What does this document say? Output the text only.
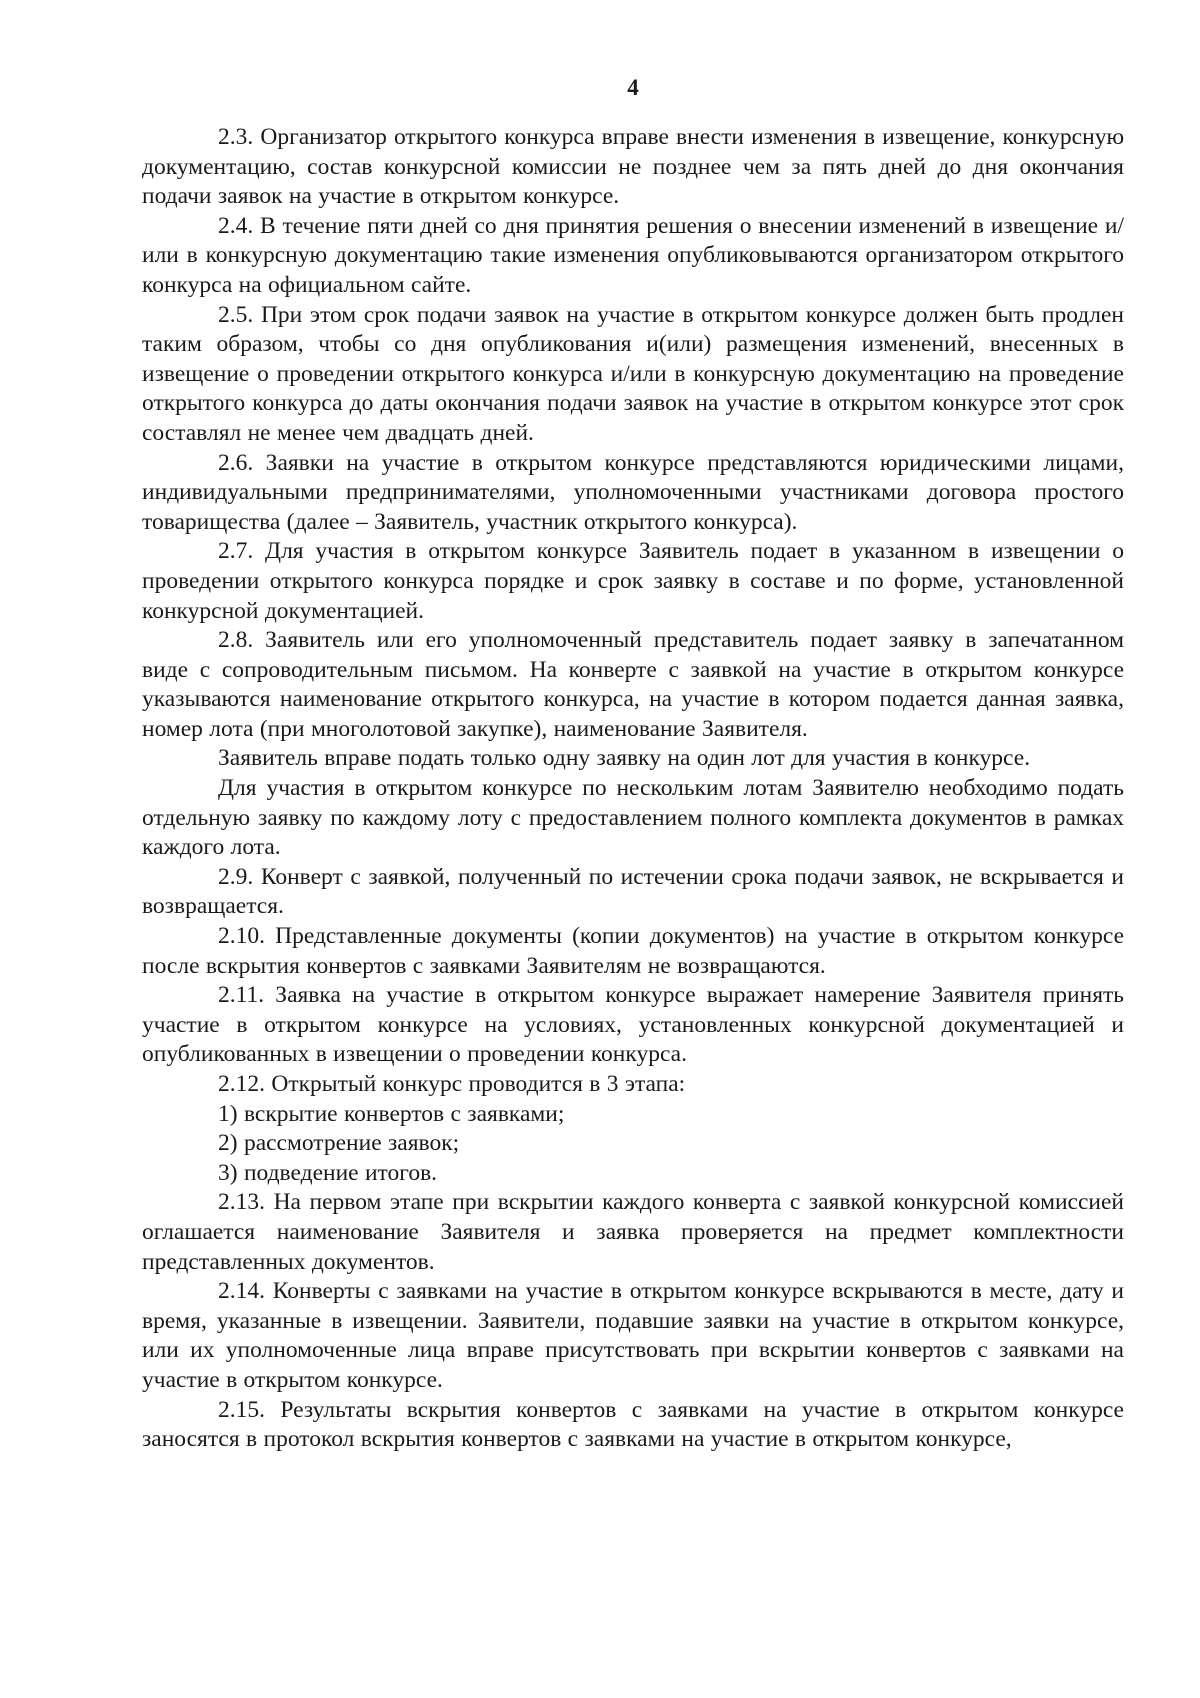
4

2.3. Организатор открытого конкурса вправе внести изменения в извещение, конкурсную документацию, состав конкурсной комиссии не позднее чем за пять дней до дня окончания подачи заявок на участие в открытом конкурсе.

2.4. В течение пяти дней со дня принятия решения о внесении изменений в извещение и/или в конкурсную документацию такие изменения опубликовываются организатором открытого конкурса на официальном сайте.

2.5. При этом срок подачи заявок на участие в открытом конкурсе должен быть продлен таким образом, чтобы со дня опубликования и(или) размещения изменений, внесенных в извещение о проведении открытого конкурса и/или в конкурсную документацию на проведение открытого конкурса до даты окончания подачи заявок на участие в открытом конкурсе этот срок составлял не менее чем двадцать дней.

2.6. Заявки на участие в открытом конкурсе представляются юридическими лицами, индивидуальными предпринимателями, уполномоченными участниками договора простого товарищества (далее – Заявитель, участник открытого конкурса).

2.7. Для участия в открытом конкурсе Заявитель подает в указанном в извещении о проведении открытого конкурса порядке и срок заявку в составе и по форме, установленной конкурсной документацией.

2.8. Заявитель или его уполномоченный представитель подает заявку в запечатанном виде с сопроводительным письмом. На конверте с заявкой на участие в открытом конкурсе указываются наименование открытого конкурса, на участие в котором подается данная заявка, номер лота (при многолотовой закупке), наименование Заявителя.

Заявитель вправе подать только одну заявку на один лот для участия в конкурсе.

Для участия в открытом конкурсе по нескольким лотам Заявителю необходимо подать отдельную заявку по каждому лоту с предоставлением полного комплекта документов в рамках каждого лота.

2.9. Конверт с заявкой, полученный по истечении срока подачи заявок, не вскрывается и возвращается.

2.10. Представленные документы (копии документов) на участие в открытом конкурсе после вскрытия конвертов с заявками Заявителям не возвращаются.

2.11. Заявка на участие в открытом конкурсе выражает намерение Заявителя принять участие в открытом конкурсе на условиях, установленных конкурсной документацией и опубликованных в извещении о проведении конкурса.

2.12. Открытый конкурс проводится в 3 этапа:

1) вскрытие конвертов с заявками;

2) рассмотрение заявок;

3) подведение итогов.

2.13. На первом этапе при вскрытии каждого конверта с заявкой конкурсной комиссией оглашается наименование Заявителя и заявка проверяется на предмет комплектности представленных документов.

2.14. Конверты с заявками на участие в открытом конкурсе вскрываются в месте, дату и время, указанные в извещении. Заявители, подавшие заявки на участие в открытом конкурсе, или их уполномоченные лица вправе присутствовать при вскрытии конвертов с заявками на участие в открытом конкурсе.

2.15. Результаты вскрытия конвертов с заявками на участие в открытом конкурсе заносятся в протокол вскрытия конвертов с заявками на участие в открытом конкурсе,
